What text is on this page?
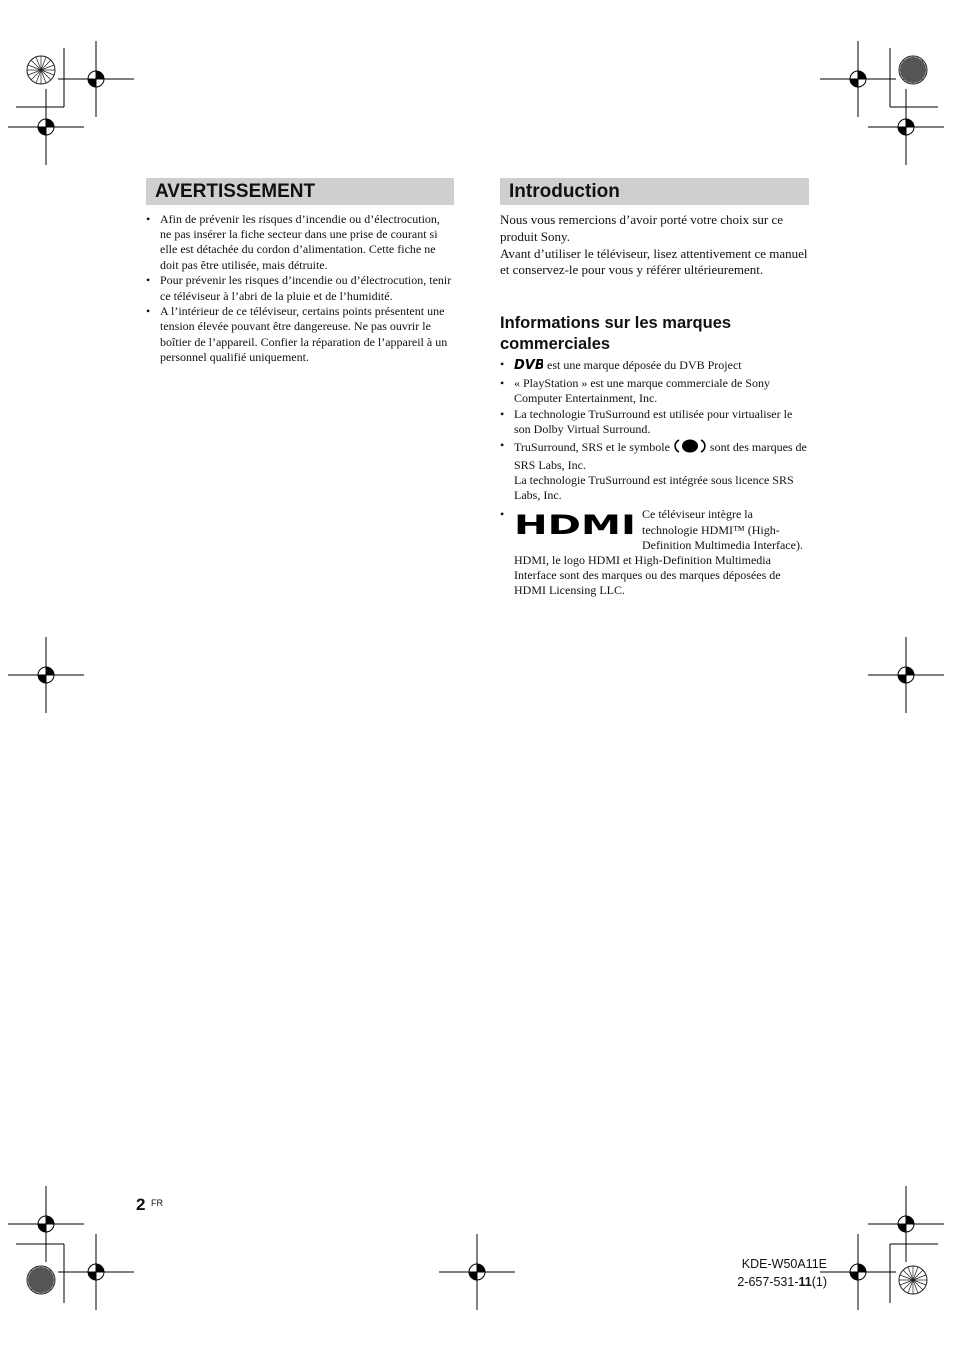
AVERTISSEMENT
• Afin de prévenir les risques d’incendie ou d’électrocution, ne pas insérer la fiche secteur dans une prise de courant si elle est détachée du cordon d’alimentation. Cette fiche ne doit pas être utilisée, mais détruite.
• Pour prévenir les risques d’incendie ou d’électrocution, tenir ce téléviseur à l’abri de la pluie et de l’humidité.
• A l’intérieur de ce téléviseur, certains points présentent une tension élevée pouvant être dangereuse. Ne pas ouvrir le boîtier de l’appareil. Confier la réparation de l’appareil à un personnel qualifié uniquement.
Introduction

Nous vous remercions d’avoir porté votre choix sur ce produit Sony.

Avant d’utiliser le téléviseur, lisez attentivement ce manuel et conservez-le pour vous y référer ultérieurement.

Informations sur les marques commerciales
• DVB est une marque déposée du DVB Project
• « PlayStation » est une marque commerciale de Sony Computer Entertainment, Inc.
• La technologie TruSurround est utilisée pour virtualiser le son Dolby Virtual Surround.
• TruSurround, SRS et le symbole	sont des marques de SRS Labs, Inc.
La technologie TruSurround est intégrée sous licence SRS Labs, Inc.
• HDMI Ce téléviseur intègre la technologie HDMI™ (High-Definition Multimedia Interface). HDMI, le logo HDMI et High-Definition Multimedia Interface sont des marques ou des marques déposées de HDMI Licensing LLC.
2 FR
KDE-W50A11E
2-657-531-11(1)
